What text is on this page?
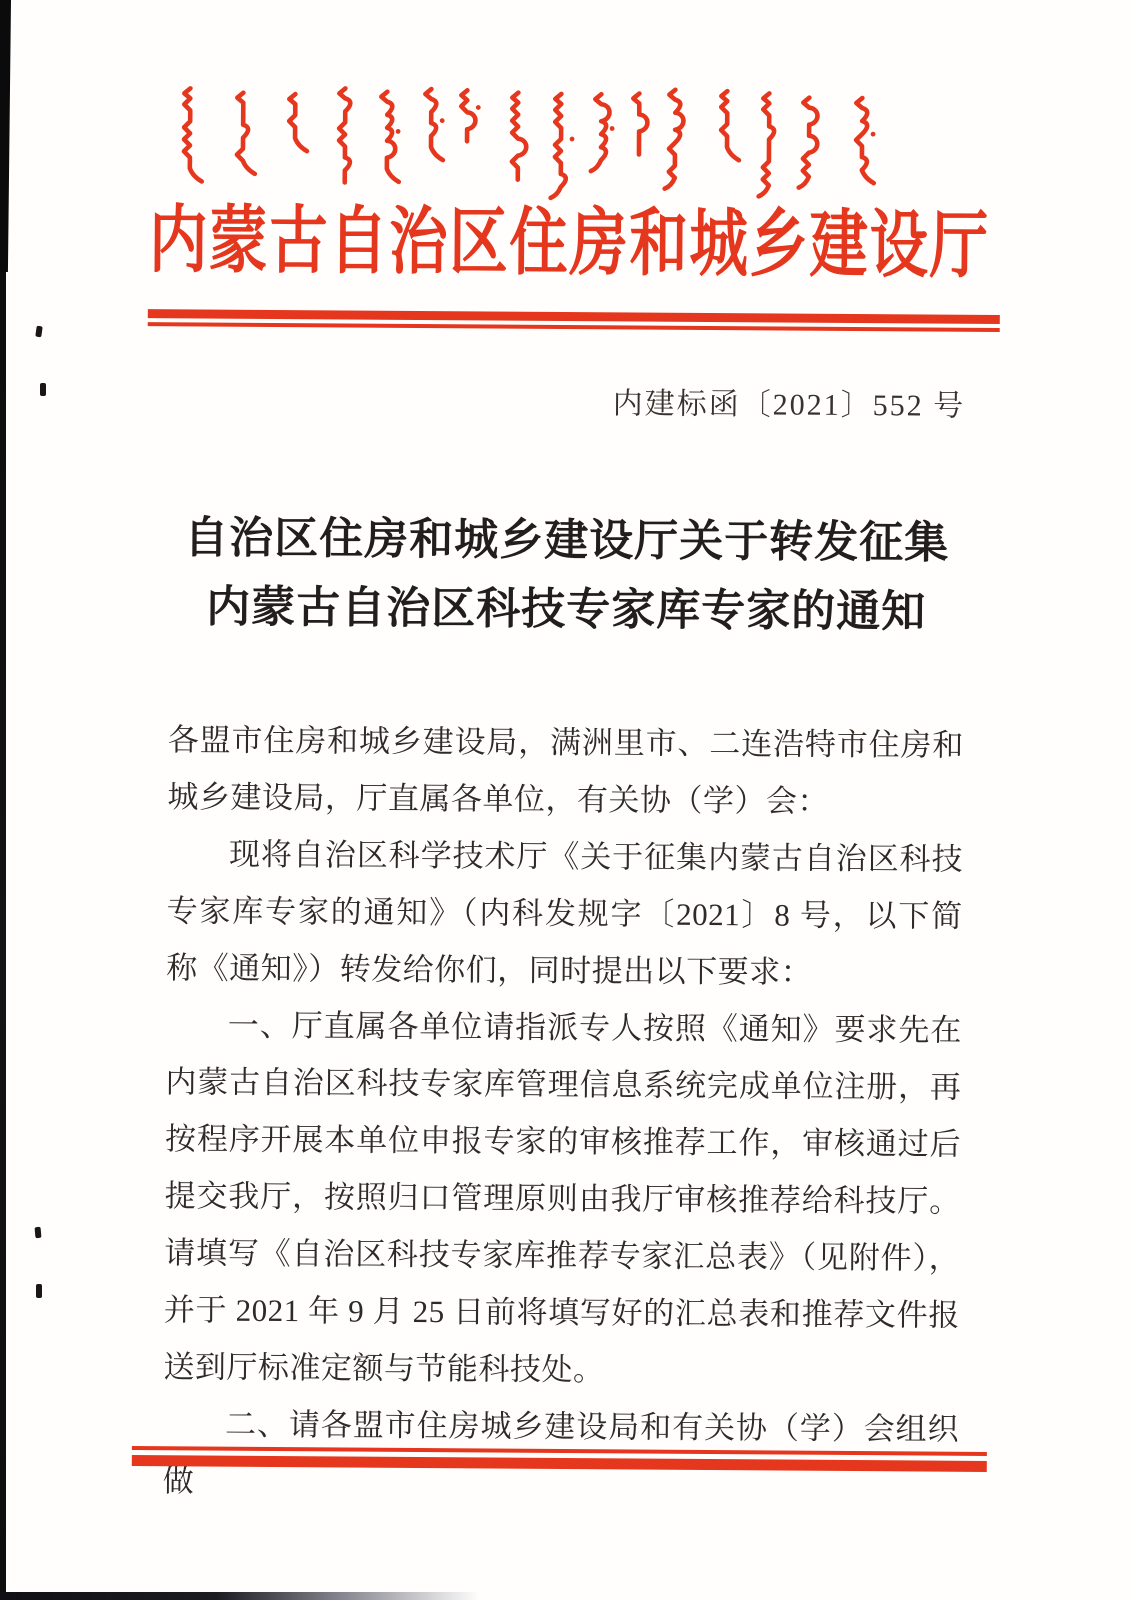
内蒙古自治区住房和城乡建设厅
内建标函〔2021〕552 号
自治区住房和城乡建设厅关于转发征集
内蒙古自治区科技专家库专家的通知

各盟市住房和城乡建设局，满洲里市、二连浩特市住房和城乡建设局，厅直属各单位，有关协（学）会：

现将自治区科学技术厅《关于征集内蒙古自治区科技专家库专家的通知》（内科发规字〔2021〕8 号，以下简称《通知》）转发给你们，同时提出以下要求：

一、厅直属各单位请指派专人按照《通知》要求先在内蒙古自治区科技专家库管理信息系统完成单位注册，再按程序开展本单位申报专家的审核推荐工作，审核通过后提交我厅，按照归口管理原则由我厅审核推荐给科技厅。请填写《自治区科技专家库推荐专家汇总表》（见附件），并于 2021 年 9 月 25 日前将填写好的汇总表和推荐文件报送到厅标准定额与节能科技处。

二、请各盟市住房城乡建设局和有关协（学）会组织做
